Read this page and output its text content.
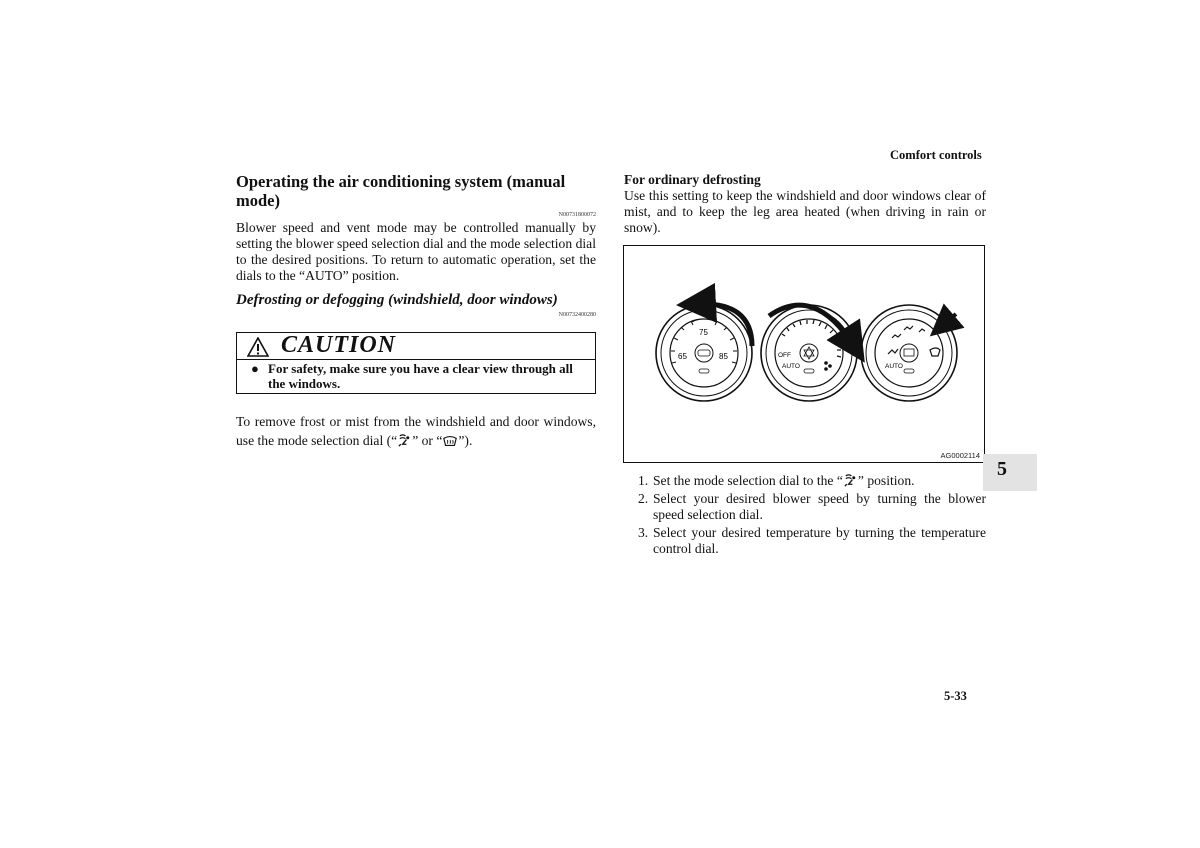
Comfort controls
Operating the air conditioning system (manual mode)
N00731800072
Blower speed and vent mode may be controlled manually by setting the blower speed selection dial and the mode selection dial to the desired positions. To return to automatic operation, set the dials to the “AUTO” position.
Defrosting or defogging (windshield, door windows)
N00732400280
CAUTION
● For safety, make sure you have a clear view through all the windows.
To remove frost or mist from the windshield and door windows, use the mode selection dial (“ ” or “ ”).
For ordinary defrosting
Use this setting to keep the windshield and door windows clear of mist, and to keep the leg area heated (when driving in rain or snow).
65
75
85	OFF
AUTO	AUTO
AG0002114
1. Set the mode selection dial to the “ ” position.
2. Select your desired blower speed by turning the blower speed selection dial.
3. Select your desired temperature by turning the temperature control dial.
5
5-33
